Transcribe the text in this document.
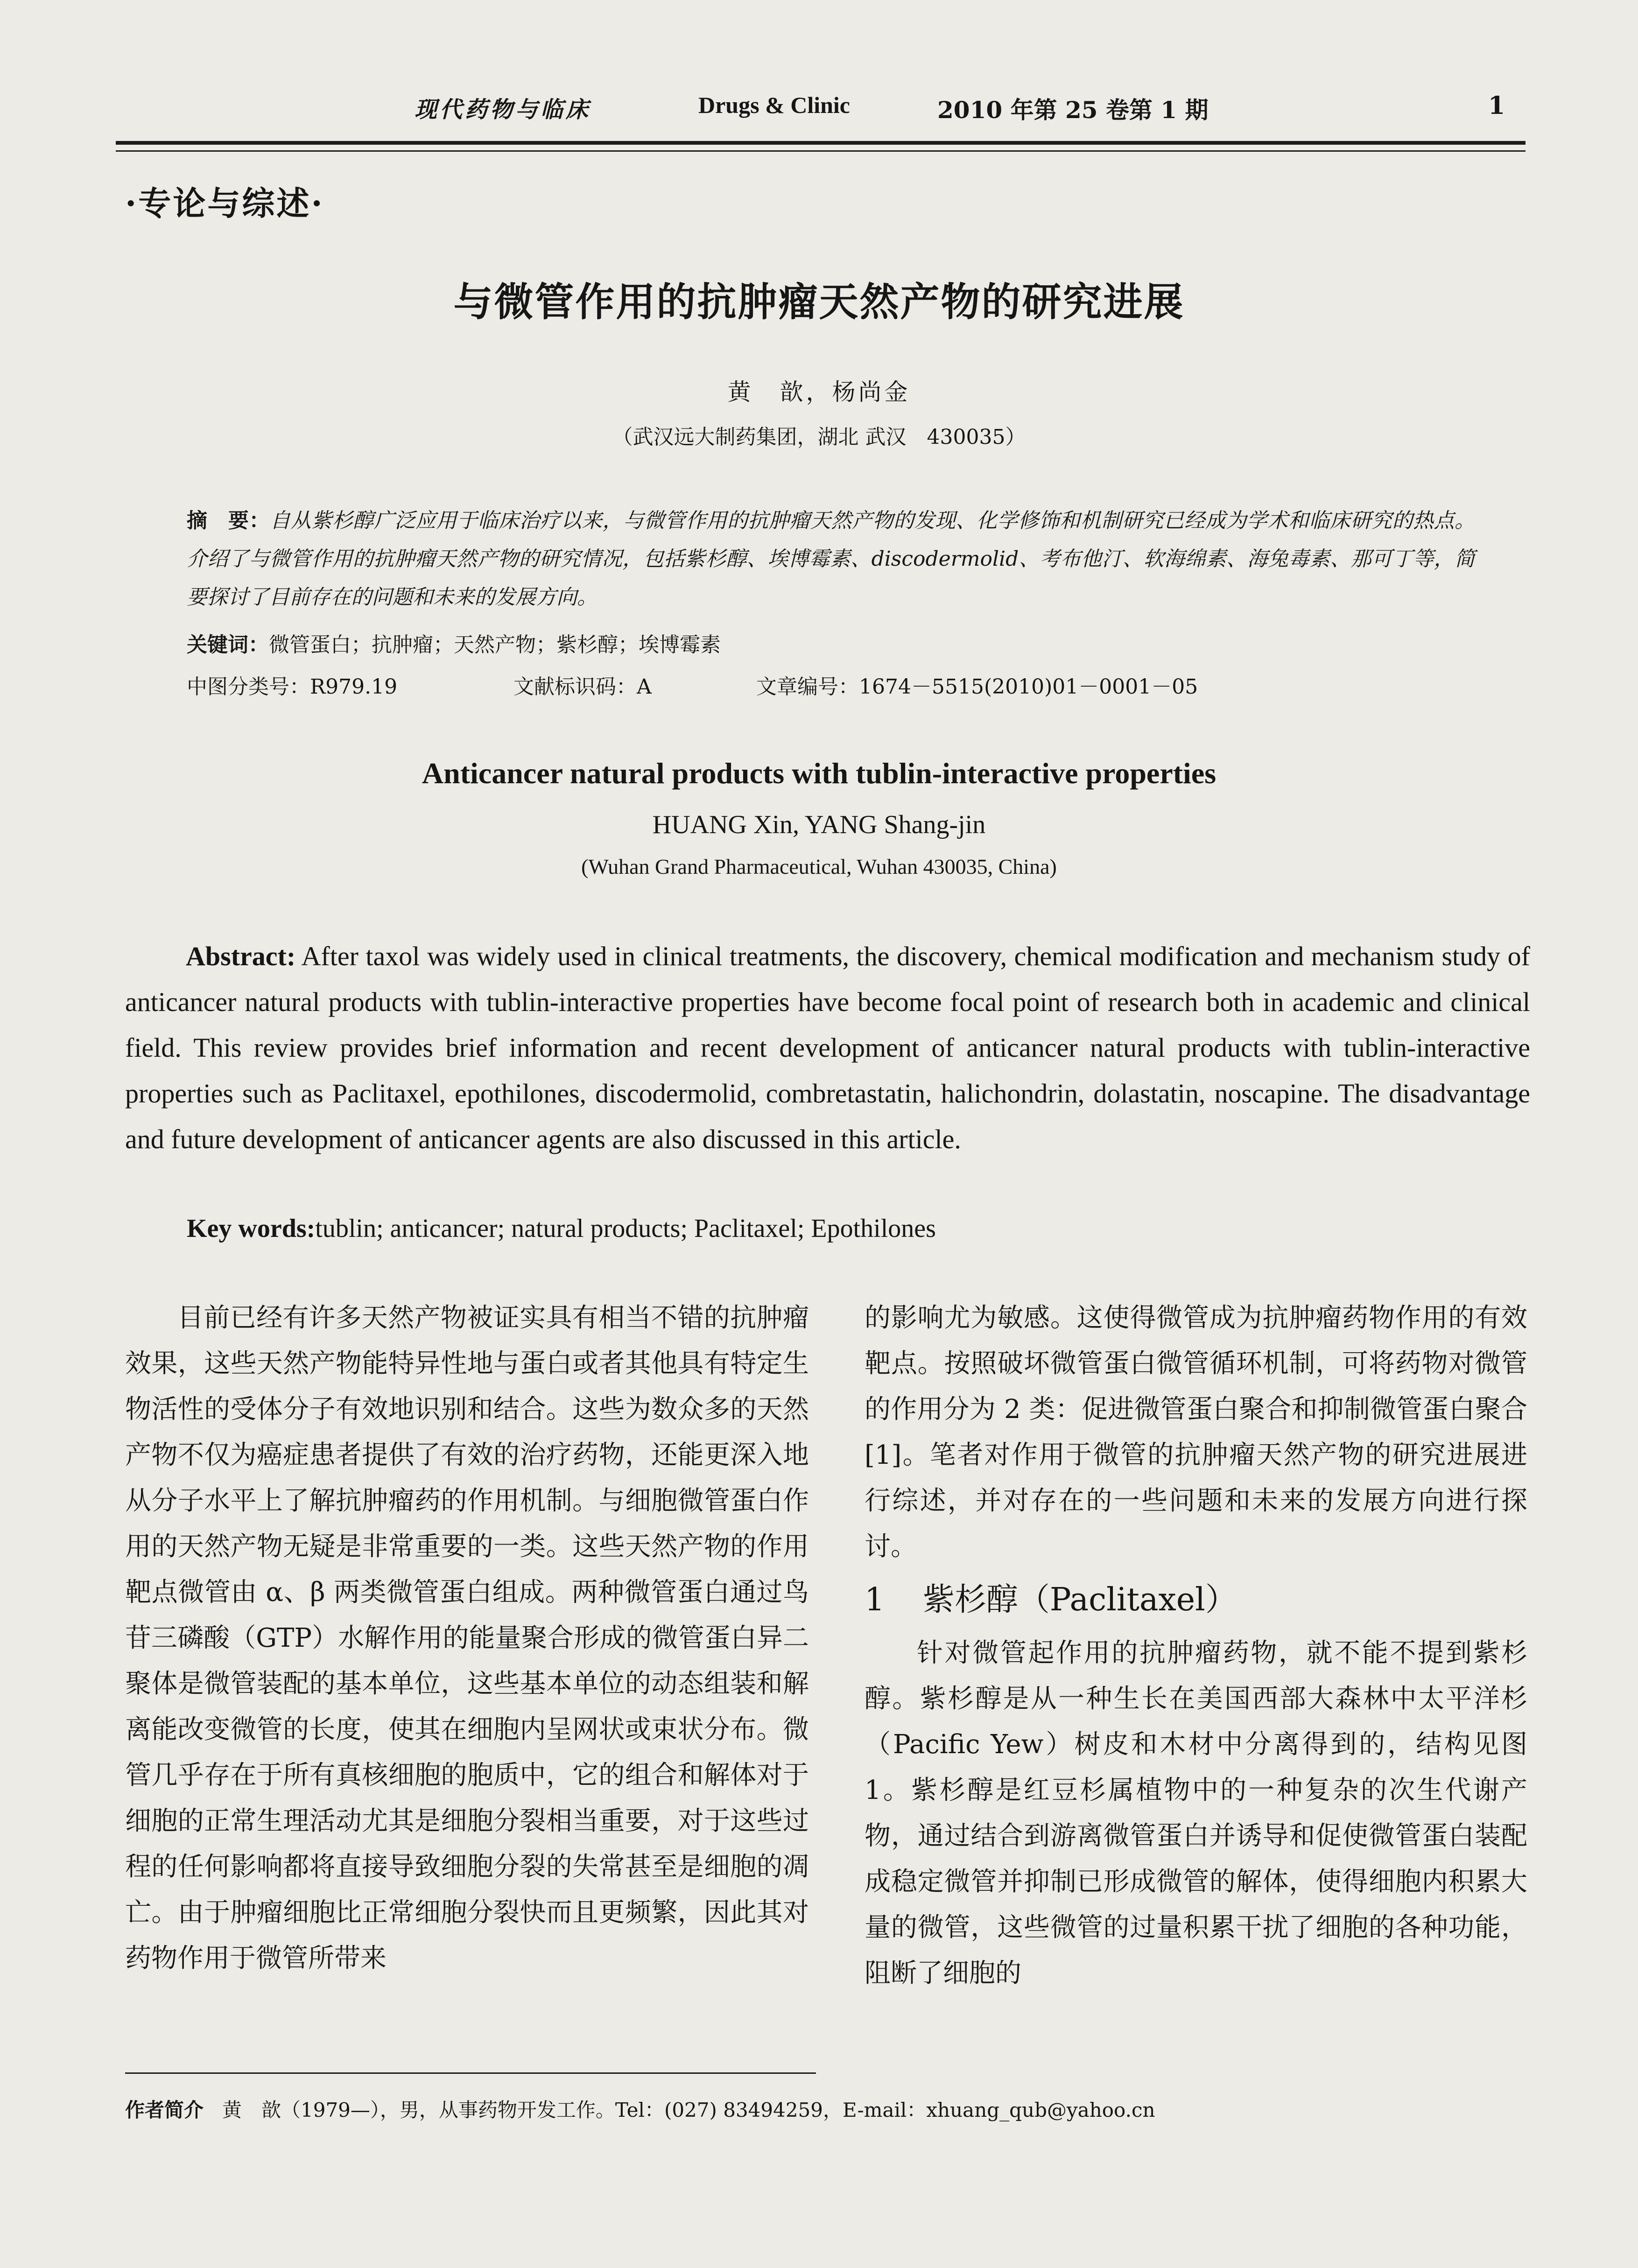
现代药物与临床	Drugs & Clinic	2010 年第 25 卷第 1 期	1
·专论与综述·
与微管作用的抗肿瘤天然产物的研究进展
黄　歆，杨尚金
（武汉远大制药集团，湖北 武汉　430035）
摘　要：自从紫杉醇广泛应用于临床治疗以来，与微管作用的抗肿瘤天然产物的发现、化学修饰和机制研究已经成为学术和临床研究的热点。介绍了与微管作用的抗肿瘤天然产物的研究情况，包括紫杉醇、埃博霉素、discodermolid、考布他汀、软海绵素、海兔毒素、那可丁等，简要探讨了目前存在的问题和未来的发展方向。
关键词：微管蛋白；抗肿瘤；天然产物；紫杉醇；埃博霉素
中图分类号：R979.19	文献标识码：A	文章编号：1674－5515(2010)01－0001－05
Anticancer natural products with tublin-interactive properties
HUANG Xin, YANG Shang-jin
(Wuhan Grand Pharmaceutical, Wuhan 430035, China)
Abstract: After taxol was widely used in clinical treatments, the discovery, chemical modification and mechanism study of anticancer natural products with tublin-interactive properties have become focal point of research both in academic and clinical field. This review provides brief information and recent development of anticancer natural products with tublin-interactive properties such as Paclitaxel, epothilones, discodermolid, combretastatin, halichondrin, dolastatin, noscapine. The disadvantage and future development of anticancer agents are also discussed in this article.
Key words:tublin; anticancer; natural products; Paclitaxel; Epothilones
目前已经有许多天然产物被证实具有相当不错的抗肿瘤效果，这些天然产物能特异性地与蛋白或者其他具有特定生物活性的受体分子有效地识别和结合。这些为数众多的天然产物不仅为癌症患者提供了有效的治疗药物，还能更深入地从分子水平上了解抗肿瘤药的作用机制。与细胞微管蛋白作用的天然产物无疑是非常重要的一类。这些天然产物的作用靶点微管由 α、β 两类微管蛋白组成。两种微管蛋白通过鸟苷三磷酸（GTP）水解作用的能量聚合形成的微管蛋白异二聚体是微管装配的基本单位，这些基本单位的动态组装和解离能改变微管的长度，使其在细胞内呈网状或束状分布。微管几乎存在于所有真核细胞的胞质中，它的组合和解体对于细胞的正常生理活动尤其是细胞分裂相当重要，对于这些过程的任何影响都将直接导致细胞分裂的失常甚至是细胞的凋亡。由于肿瘤细胞比正常细胞分裂快而且更频繁，因此其对药物作用于微管所带来
的影响尤为敏感。这使得微管成为抗肿瘤药物作用的有效靶点。按照破坏微管蛋白微管循环机制，可将药物对微管的作用分为 2 类：促进微管蛋白聚合和抑制微管蛋白聚合[1]。笔者对作用于微管的抗肿瘤天然产物的研究进展进行综述，并对存在的一些问题和未来的发展方向进行探讨。
1 紫杉醇（Paclitaxel）
针对微管起作用的抗肿瘤药物，就不能不提到紫杉醇。紫杉醇是从一种生长在美国西部大森林中太平洋杉（Pacific Yew）树皮和木材中分离得到的，结构见图 1。紫杉醇是红豆杉属植物中的一种复杂的次生代谢产物，通过结合到游离微管蛋白并诱导和促使微管蛋白装配成稳定微管并抑制已形成微管的解体，使得细胞内积累大量的微管，这些微管的过量积累干扰了细胞的各种功能，阻断了细胞的
作者简介 黄　歆（1979—），男，从事药物开发工作。Tel：(027) 83494259，E-mail：xhuang_qub@yahoo.cn
